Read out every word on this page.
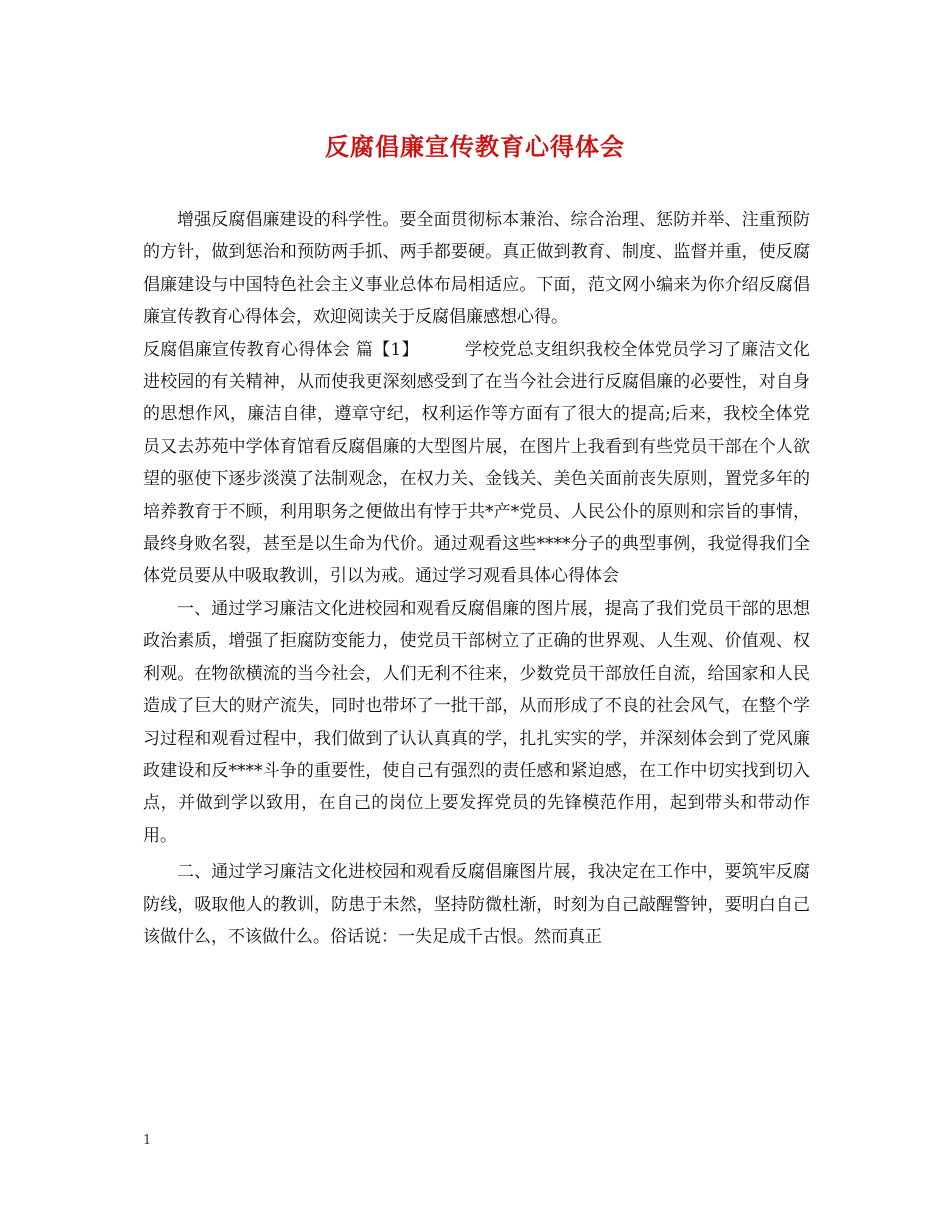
反腐倡廉宣传教育心得体会

增强反腐倡廉建设的科学性。要全面贯彻标本兼治、综合治理、惩防并举、注重预防的方针，做到惩治和预防两手抓、两手都要硬。真正做到教育、制度、监督并重，使反腐倡廉建设与中国特色社会主义事业总体布局相适应。下面，范文网小编来为你介绍反腐倡廉宣传教育心得体会，欢迎阅读关于反腐倡廉感想心得。

反腐倡廉宣传教育心得体会 篇【1】	学校党总支组织我校全体党员学习了廉洁文化进校园的有关精神，从而使我更深刻感受到了在当今社会进行反腐倡廉的必要性，对自身的思想作风，廉洁自律，遵章守纪，权利运作等方面有了很大的提高;后来，我校全体党员又去苏苑中学体育馆看反腐倡廉的大型图片展，在图片上我看到有些党员干部在个人欲望的驱使下逐步淡漠了法制观念，在权力关、金钱关、美色关面前丧失原则，置党多年的培养教育于不顾，利用职务之便做出有悖于共*产*党员、人民公仆的原则和宗旨的事情，最终身败名裂，甚至是以生命为代价。通过观看这些****分子的典型事例，我觉得我们全体党员要从中吸取教训，引以为戒。通过学习观看具体心得体会

一、通过学习廉洁文化进校园和观看反腐倡廉的图片展，提高了我们党员干部的思想政治素质，增强了拒腐防变能力，使党员干部树立了正确的世界观、人生观、价值观、权利观。在物欲横流的当今社会，人们无利不往来，少数党员干部放任自流，给国家和人民造成了巨大的财产流失，同时也带坏了一批干部，从而形成了不良的社会风气，在整个学习过程和观看过程中，我们做到了认认真真的学，扎扎实实的学，并深刻体会到了党风廉政建设和反****斗争的重要性，使自己有强烈的责任感和紧迫感，在工作中切实找到切入点，并做到学以致用，在自己的岗位上要发挥党员的先锋模范作用，起到带头和带动作用。

二、通过学习廉洁文化进校园和观看反腐倡廉图片展，我决定在工作中，要筑牢反腐防线，吸取他人的教训，防患于未然，坚持防微杜渐，时刻为自己敲醒警钟，要明白自己该做什么，不该做什么。俗话说：一失足成千古恨。然而真正

1
